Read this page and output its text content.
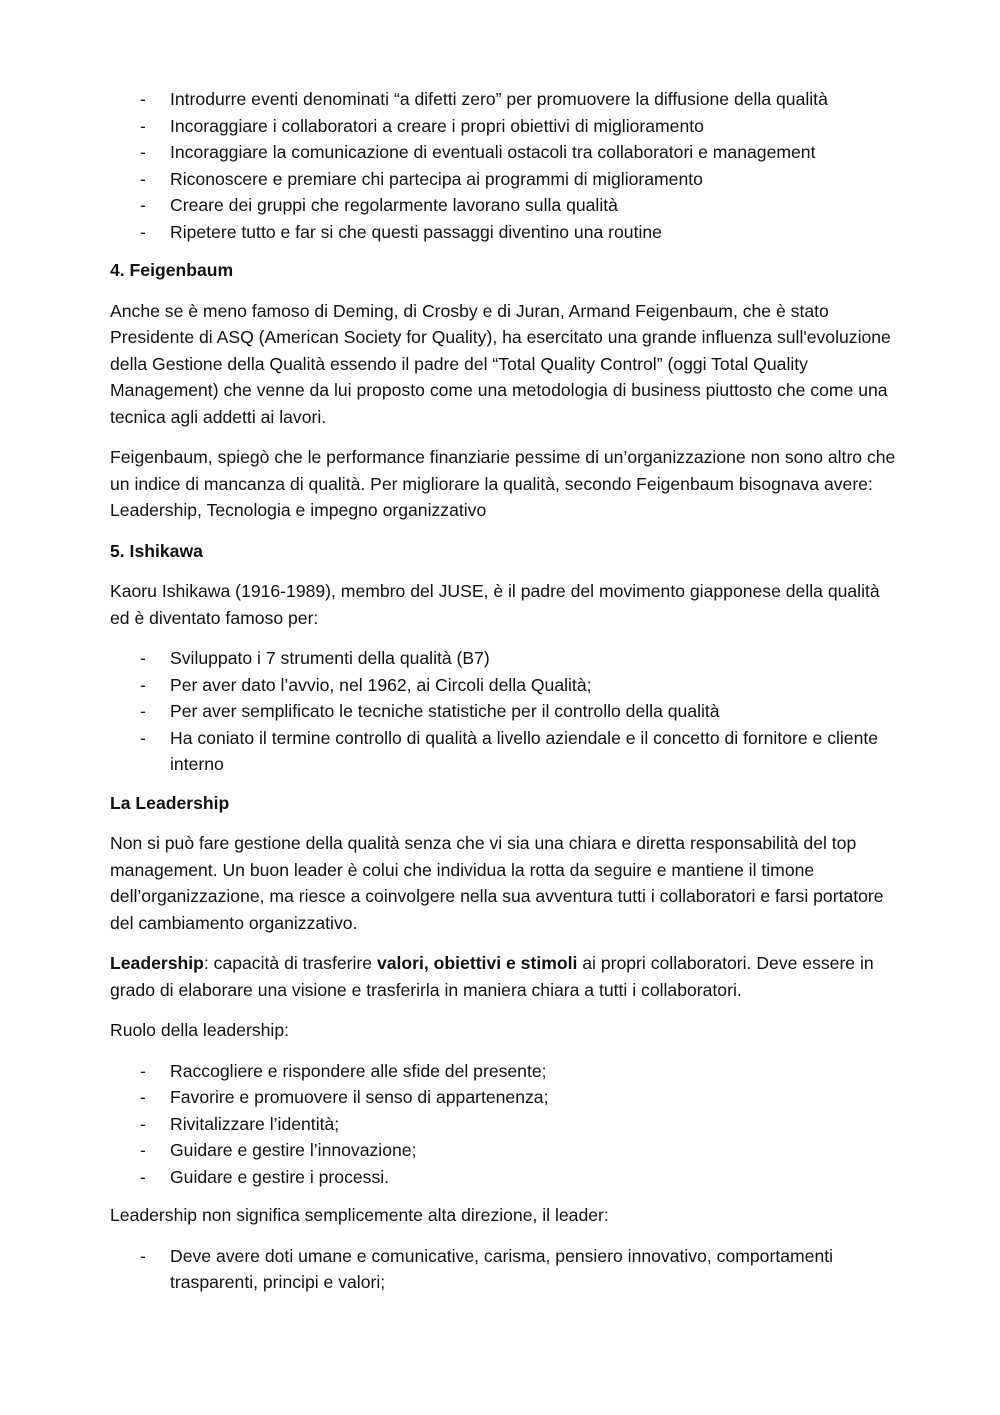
- Introdurre eventi denominati “a difetti zero” per promuovere la diffusione della qualità
- Incoraggiare i collaboratori a creare i propri obiettivi di miglioramento
- Incoraggiare la comunicazione di eventuali ostacoli tra collaboratori e management
- Riconoscere e premiare chi partecipa ai programmi di miglioramento
- Creare dei gruppi che regolarmente lavorano sulla qualità
- Ripetere tutto e far si che questi passaggi diventino una routine
4. Feigenbaum

Anche se è meno famoso di Deming, di Crosby e di Juran, Armand Feigenbaum, che è stato Presidente di ASQ (American Society for Quality), ha esercitato una grande influenza sull'evoluzione della Gestione della Qualità essendo il padre del “Total Quality Control” (oggi Total Quality Management) che venne da lui proposto come una metodologia di business piuttosto che come una tecnica agli addetti ai lavori.

Feigenbaum, spiegò che le performance finanziarie pessime di un’organizzazione non sono altro che un indice di mancanza di qualità. Per migliorare la qualità, secondo Feigenbaum bisognava avere: Leadership, Tecnologia e impegno organizzativo

5. Ishikawa

Kaoru Ishikawa (1916-1989), membro del JUSE, è il padre del movimento giapponese della qualità ed è diventato famoso per:

- Sviluppato i 7 strumenti della qualità (B7)
- Per aver dato l’avvio, nel 1962, ai Circoli della Qualità;
- Per aver semplificato le tecniche statistiche per il controllo della qualità
- Ha coniato il termine controllo di qualità a livello aziendale e il concetto di fornitore e cliente interno
La Leadership

Non si può fare gestione della qualità senza che vi sia una chiara e diretta responsabilità del top management. Un buon leader è colui che individua la rotta da seguire e mantiene il timone dell’organizzazione, ma riesce a coinvolgere nella sua avventura tutti i collaboratori e farsi portatore del cambiamento organizzativo.

Leadership: capacità di trasferire valori, obiettivi e stimoli ai propri collaboratori. Deve essere in grado di elaborare una visione e trasferirla in maniera chiara a tutti i collaboratori.

Ruolo della leadership:

- Raccogliere e rispondere alle sfide del presente;
- Favorire e promuovere il senso di appartenenza;
- Rivitalizzare l’identità;
- Guidare e gestire l’innovazione;
- Guidare e gestire i processi.

Leadership non significa semplicemente alta direzione, il leader:

- Deve avere doti umane e comunicative, carisma, pensiero innovativo, comportamenti trasparenti, principi e valori;
